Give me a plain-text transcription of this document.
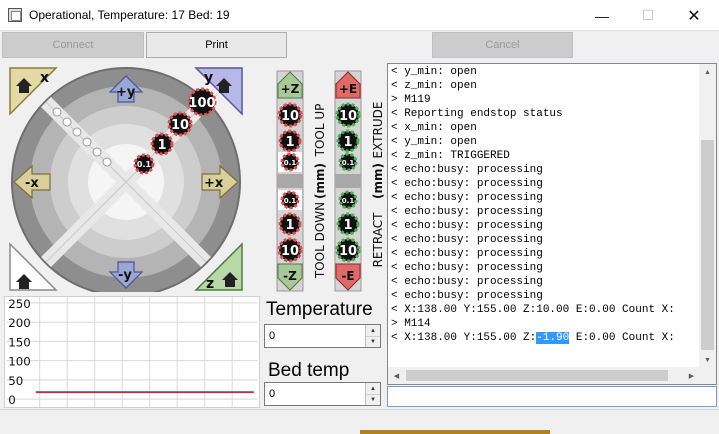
Operational, Temperature: 17 Bed: 19	—	☐	✕
Connect	Print	Cancel
x	y
z
+y
-y
+x
-x
100
10
1
0.1
+Z
10
1
0.1
0.1
1
10
-Z
TOOL UP
(mm)
TOOL DOWN
+E
10
1
0.1
0.1
1
10
-E
EXTRUDE
(mm)
RETRACT
250
200
150
100
50
0
Temperature
0
▲
▼
Bed temp
0
▲
▼
< y_min: open
< z_min: open
> M119
< Reporting endstop status
< x_min: open
< y_min: open
< z_min: TRIGGERED
< echo:busy: processing
< echo:busy: processing
< echo:busy: processing
< echo:busy: processing
< echo:busy: processing
< echo:busy: processing
< echo:busy: processing
< echo:busy: processing
< echo:busy: processing
< echo:busy: processing
< X:138.00 Y:155.00 Z:10.00 E:0.00 Count X:
> M114
< X:138.00 Y:155.00 Z:-1.90 E:0.00 Count X:
▲
▼
◀	▶
